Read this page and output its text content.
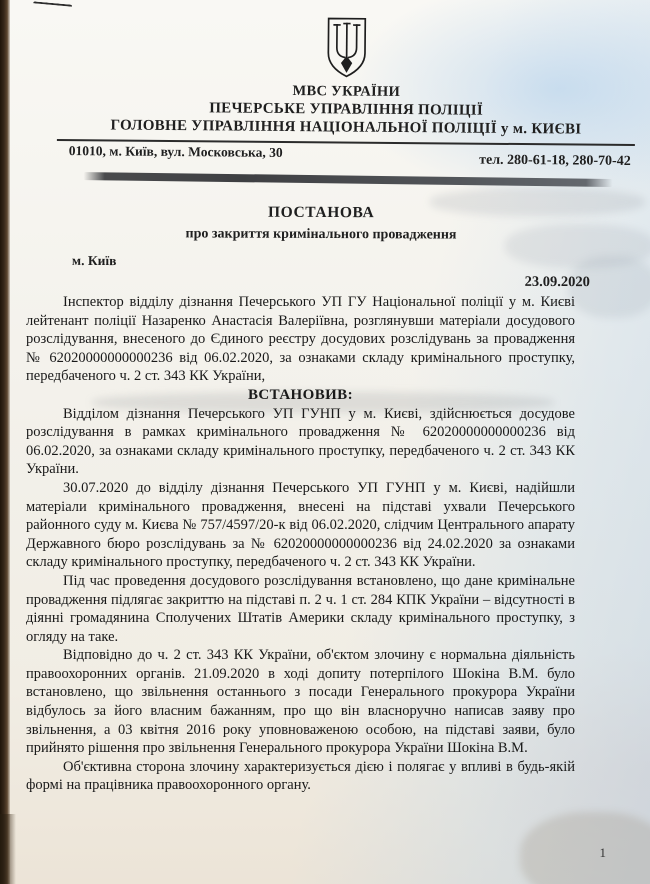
МВС УКРАЇНИ
ПЕЧЕРСЬКЕ УПРАВЛІННЯ ПОЛІЦІЇ
ГОЛОВНЕ УПРАВЛІННЯ НАЦІОНАЛЬНОЇ ПОЛІЦІЇ у м. КИЄВІ
01010, м. Київ, вул. Московська, 30
тел. 280-61-18, 280-70-42
ПОСТАНОВА
про закриття кримінального провадження
м. Київ
23.09.2020

Інспектор відділу дізнання Печерського УП ГУ Національної поліції у м. Києві лейтенант поліції Назаренко Анастасія Валеріївна, розглянувши матеріали досудового розслідування, внесеного до Єдиного реєстру досудових розслідувань за провадження № 62020000000000236 від 06.02.2020, за ознаками складу кримінального проступку, передбаченого ч. 2 ст. 343 КК України,

ВСТАНОВИВ:

Відділом дізнання Печерського УП ГУНП у м. Києві, здійснюється досудове розслідування в рамках кримінального провадження № 62020000000000236 від 06.02.2020, за ознаками складу кримінального проступку, передбаченого ч. 2 ст. 343 КК України.

30.07.2020 до відділу дізнання Печерського УП ГУНП у м. Києві, надійшли матеріали кримінального провадження, внесені на підставі ухвали Печерського районного суду м. Києва № 757/4597/20-к від 06.02.2020, слідчим Центрального апарату Державного бюро розслідувань за № 62020000000000236 від 24.02.2020 за ознаками складу кримінального проступку, передбаченого ч. 2 ст. 343 КК України.

Під час проведення досудового розслідування встановлено, що дане кримінальне провадження підлягає закриттю на підставі п. 2 ч. 1 ст. 284 КПК України – відсутності в діянні громадянина Сполучених Штатів Америки складу кримінального проступку, з огляду на таке.

Відповідно до ч. 2 ст. 343 КК України, об'єктом злочину є нормальна діяльність правоохоронних органів. 21.09.2020 в ході допиту потерпілого Шокіна В.М. було встановлено, що звільнення останнього з посади Генерального прокурора України відбулось за його власним бажанням, про що він власноручно написав заяву про звільнення, а 03 квітня 2016 року уповноваженою особою, на підставі заяви, було прийнято рішення про звільнення Генерального прокурора України Шокіна В.М.

Об'єктивна сторона злочину характеризується дією і полягає у впливі в будь-якій формі на працівника правоохоронного органу.

1
